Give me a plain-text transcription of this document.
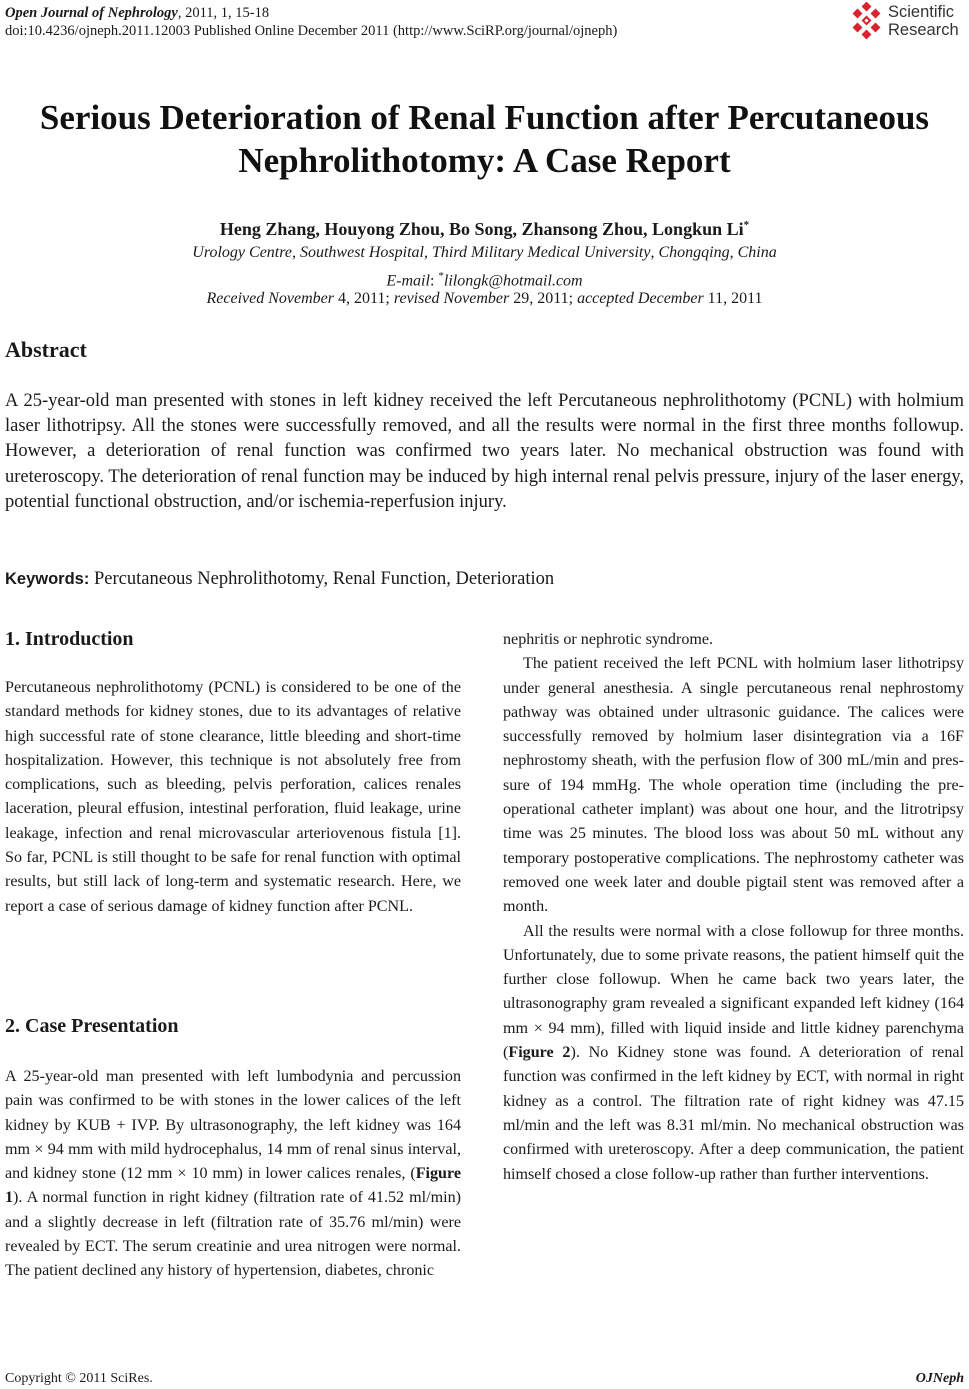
Open Journal of Nephrology, 2011, 1, 15-18
doi:10.4236/ojneph.2011.12003 Published Online December 2011 (http://www.SciRP.org/journal/ojneph)
Scientific
Research
Serious Deterioration of Renal Function after Percutaneous
Nephrolithotomy: A Case Report
Heng Zhang, Houyong Zhou, Bo Song, Zhansong Zhou, Longkun Li*
Urology Centre, Southwest Hospital, Third Military Medical University, Chongqing, China
E-mail: *lilongk@hotmail.com
Received November 4, 2011; revised November 29, 2011; accepted December 11, 2011
Abstract
A 25-year-old man presented with stones in left kidney received the left Percutaneous nephrolithotomy (PCNL) with holmium laser lithotripsy. All the stones were successfully removed, and all the results were normal in the first three months followup. However, a deterioration of renal function was confirmed two years later. No mechanical obstruction was found with ureteroscopy. The deterioration of renal function may be induced by high internal renal pelvis pressure, injury of the laser energy, potential functional obstruction, and/or ischemia-reperfusion injury.
Keywords: Percutaneous Nephrolithotomy, Renal Function, Deterioration
1. Introduction

Percutaneous nephrolithotomy (PCNL) is considered to be one of the standard methods for kidney stones, due to its advantages of relative high successful rate of stone clearance, little bleeding and short-time hospitalization. However, this technique is not absolutely free from complications, such as bleeding, pelvis perforation, calices renales laceration, pleural effusion, intestinal perforation, fluid leakage, urine leakage, infection and renal microvascular arteriovenous fistula [1]. So far, PCNL is still thought to be safe for renal function with optimal results, but still lack of long-term and systematic research. Here, we report a case of serious damage of kidney function after PCNL.

2. Case Presentation

A 25-year-old man presented with left lumbodynia and percussion pain was confirmed to be with stones in the lower calices of the left kidney by KUB + IVP. By ultrasonography, the left kidney was 164 mm × 94 mm with mild hydrocephalus, 14 mm of renal sinus interval, and kidney stone (12 mm × 10 mm) in lower calices renales, (Figure 1). A normal function in right kidney (filtration rate of 41.52 ml/min) and a slightly decrease in left (filtration rate of 35.76 ml/min) were revealed by ECT. The serum creatinie and urea nitrogen were normal. The patient declined any history of hypertension, diabetes, chronic

nephritis or nephrotic syndrome.

The patient received the left PCNL with holmium laser lithotripsy under general anesthesia. A single percutaneous renal nephrostomy pathway was obtained under ultrasonic guidance. The calices were successfully removed by holmium laser disintegration via a 16F nephrostomy sheath, with the perfusion flow of 300 mL/min and pressure of 194 mmHg. The whole operation time (including the pre-operational catheter implant) was about one hour, and the litrotripsy time was 25 minutes. The blood loss was about 50 mL without any temporary postoperative complications. The nephrostomy catheter was removed one week later and double pigtail stent was removed after a month.

All the results were normal with a close followup for three months. Unfortunately, due to some private reasons, the patient himself quit the further close followup. When he came back two years later, the ultrasonography gram revealed a significant expanded left kidney (164 mm × 94 mm), filled with liquid inside and little kidney parenchyma (Figure 2). No Kidney stone was found. A deterioration of renal function was confirmed in the left kidney by ECT, with normal in right kidney as a control. The filtration rate of right kidney was 47.15 ml/min and the left was 8.31 ml/min. No mechanical obstruction was confirmed with ureteroscopy. After a deep communication, the patient himself chosed a close follow-up rather than further interventions.

Copyright © 2011 SciRes.	OJNeph
